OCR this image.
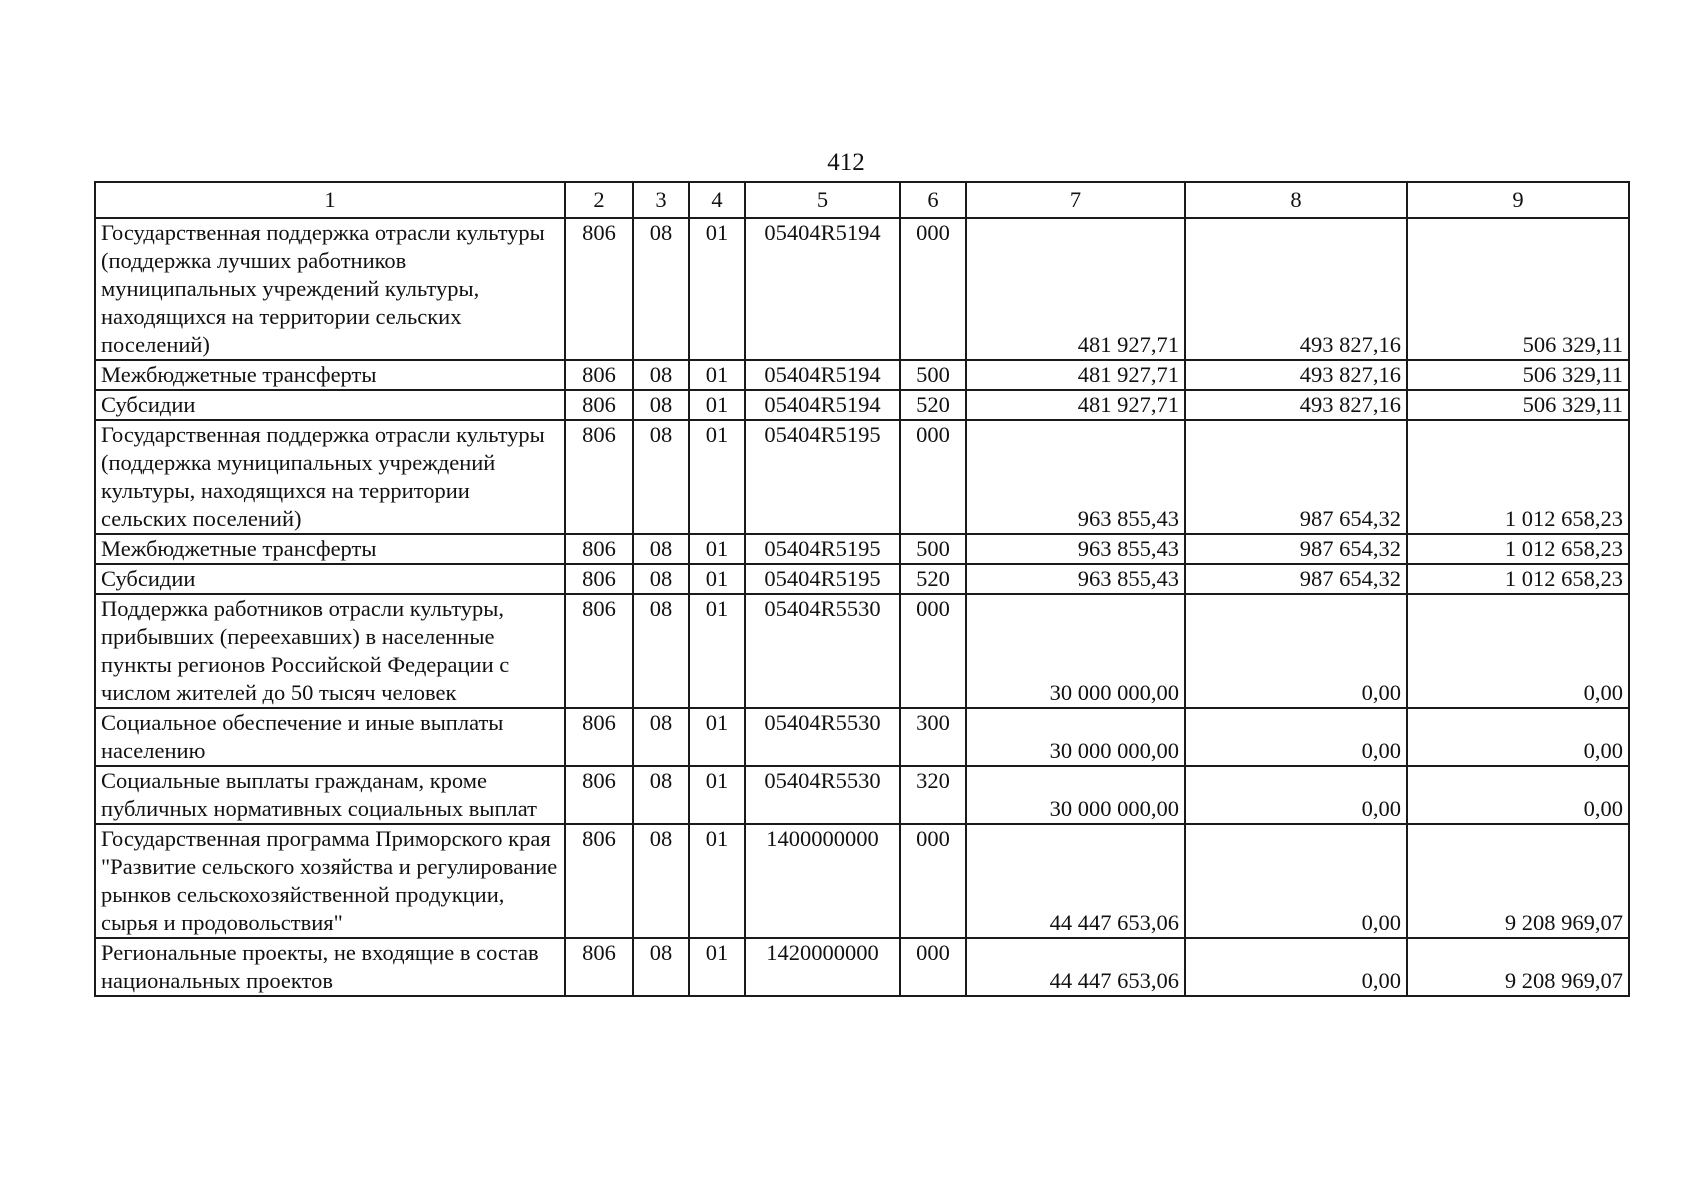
412
1	2	3	4	5	6	7	8	9
Государственная поддержка отрасли культуры (поддержка лучших работников муниципальных учреждений культуры, находящихся на территории сельских поселений)	806	08	01	05404R5194	000	481 927,71	493 827,16	506 329,11
Межбюджетные трансферты	806	08	01	05404R5194	500	481 927,71	493 827,16	506 329,11
Субсидии	806	08	01	05404R5194	520	481 927,71	493 827,16	506 329,11
Государственная поддержка отрасли культуры (поддержка муниципальных учреждений культуры, находящихся на территории сельских поселений)	806	08	01	05404R5195	000	963 855,43	987 654,32	1 012 658,23
Межбюджетные трансферты	806	08	01	05404R5195	500	963 855,43	987 654,32	1 012 658,23
Субсидии	806	08	01	05404R5195	520	963 855,43	987 654,32	1 012 658,23
Поддержка работников отрасли культуры, прибывших (переехавших) в населенные пункты регионов Российской Федерации с числом жителей до 50 тысяч человек	806	08	01	05404R5530	000	30 000 000,00	0,00	0,00
Социальное обеспечение и иные выплаты населению	806	08	01	05404R5530	300	30 000 000,00	0,00	0,00
Социальные выплаты гражданам, кроме публичных нормативных социальных выплат	806	08	01	05404R5530	320	30 000 000,00	0,00	0,00
Государственная программа Приморского края "Развитие сельского хозяйства и регулирование рынков сельскохозяйственной продукции, сырья и продовольствия"	806	08	01	1400000000	000	44 447 653,06	0,00	9 208 969,07
Региональные проекты, не входящие в состав национальных проектов	806	08	01	1420000000	000	44 447 653,06	0,00	9 208 969,07
